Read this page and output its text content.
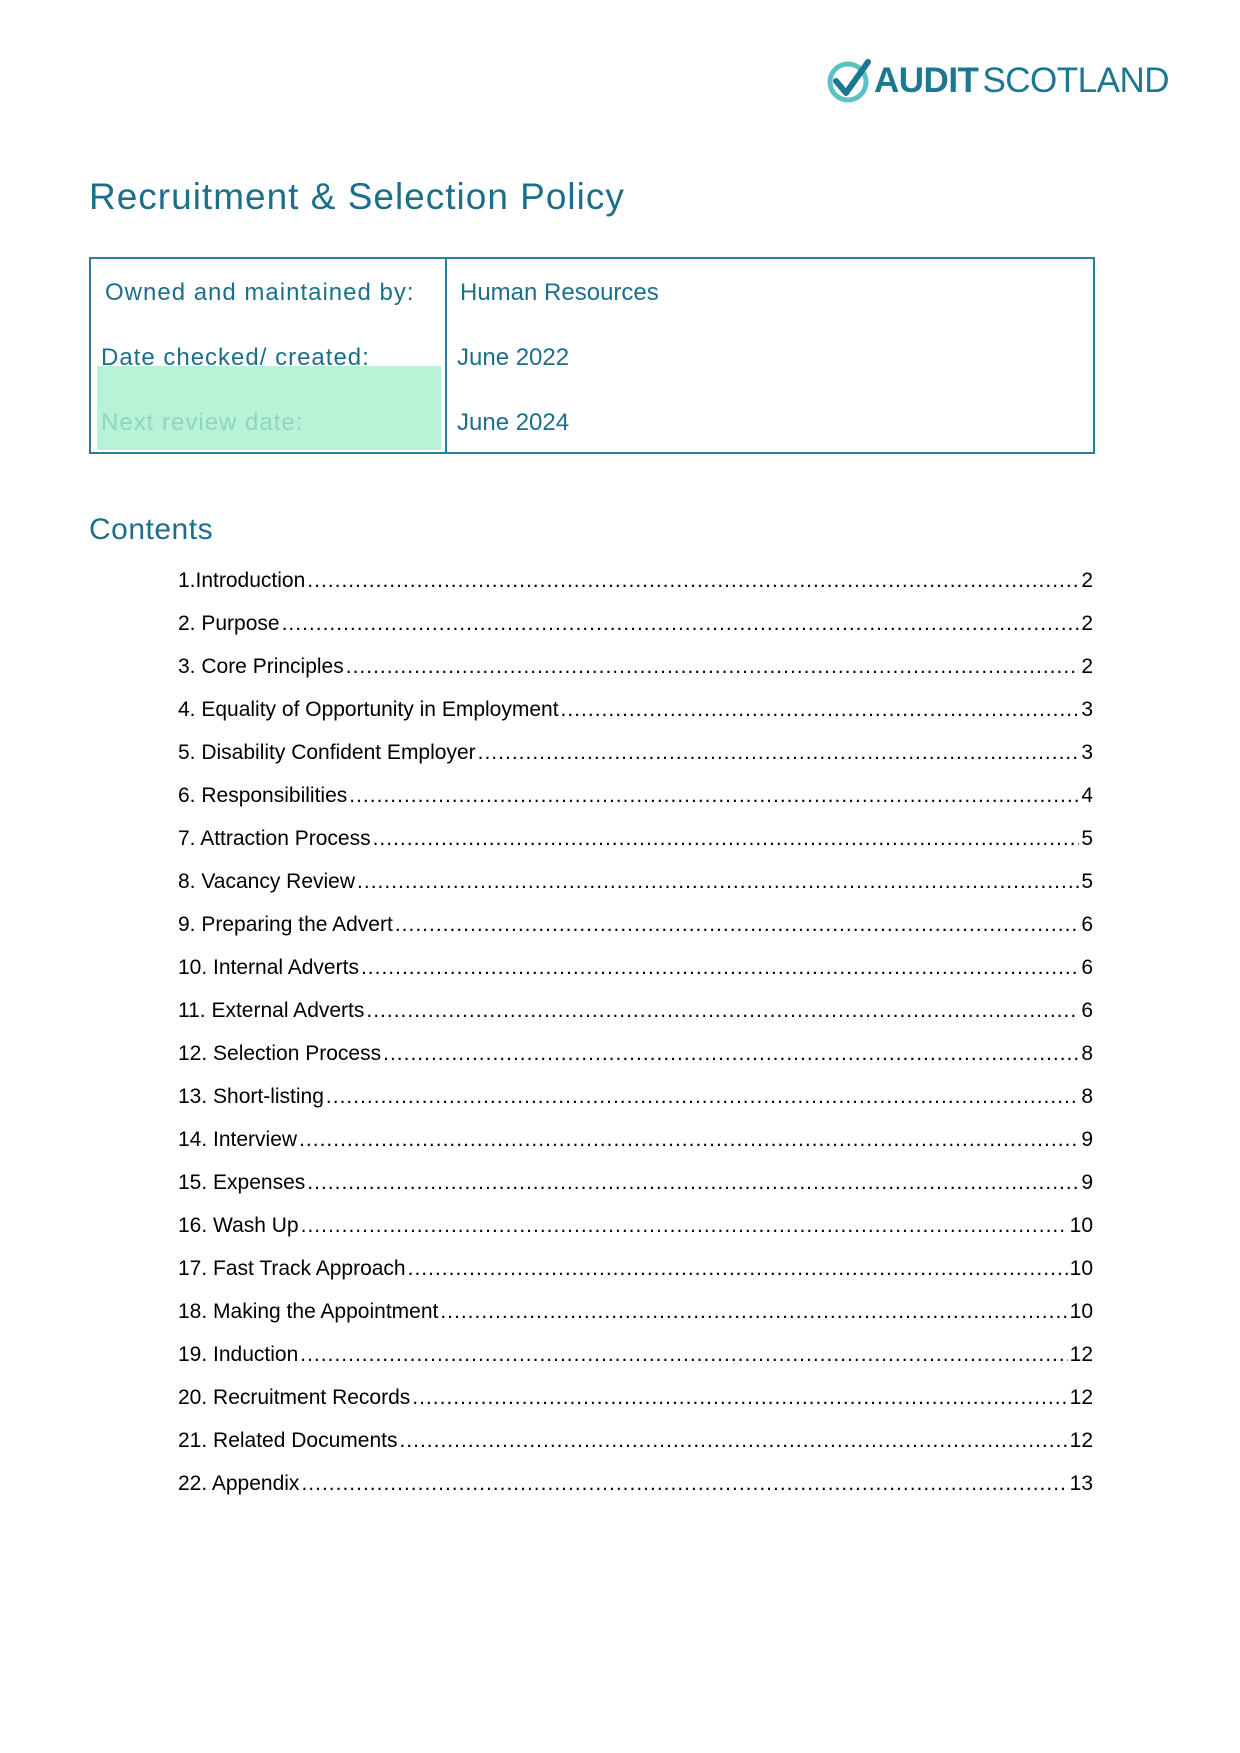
AUDIT SCOTLAND
Recruitment & Selection Policy
Owned and maintained by: Human Resources
Date checked/ created:	June 2022
Next review date:	June 2024
Contents
1.Introduction .....	2
2. Purpose .....	2
3. Core Principles .....	2
4. Equality of Opportunity in Employment .....	3
5. Disability Confident Employer .....	3
6. Responsibilities .....	4
7. Attraction Process .....	5
8. Vacancy Review .....	5
9. Preparing the Advert .....	6
10. Internal Adverts .....	6
11. External Adverts .....	6
12. Selection Process .....	8
13. Short-listing .....	8
14. Interview .....	9
15. Expenses .....	9
16. Wash Up .....	10
17. Fast Track Approach .....	10
18. Making the Appointment .....	10
19. Induction .....	12
20. Recruitment Records .....	12
21. Related Documents .....	12
22. Appendix .....	13
